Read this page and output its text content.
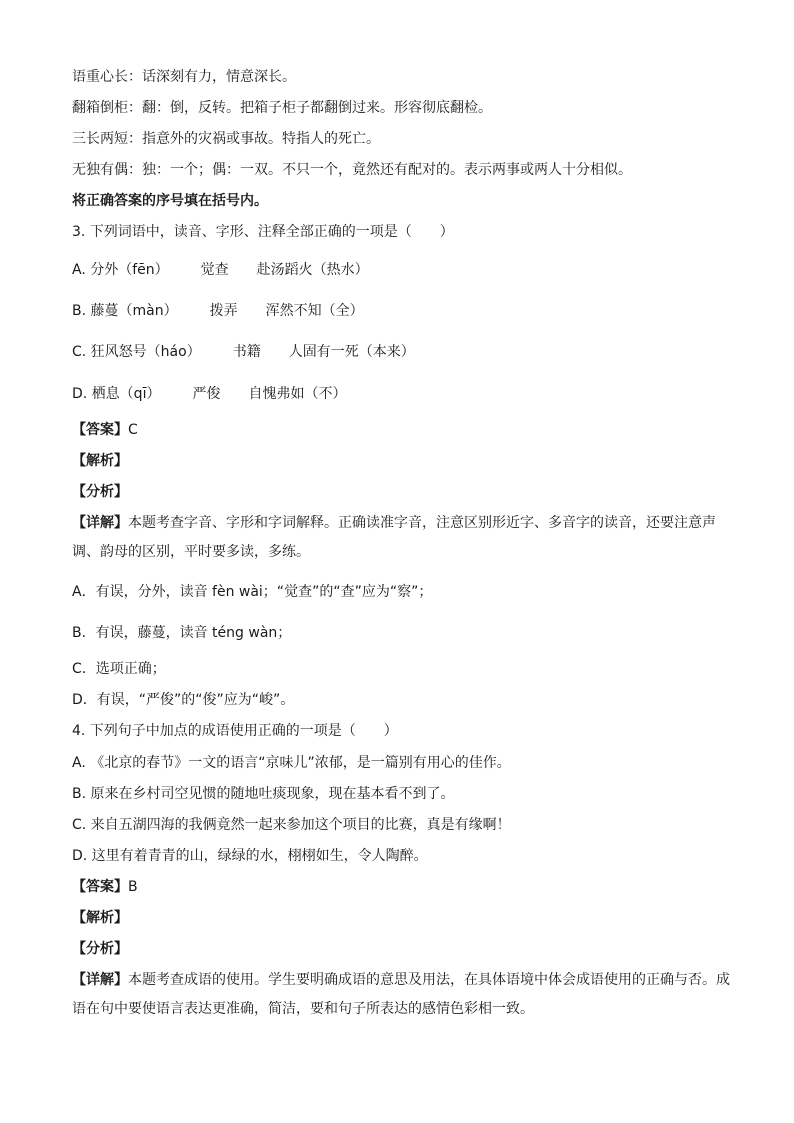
语重心长：话深刻有力，情意深长。
翻箱倒柜：翻：倒，反转。把箱子柜子都翻倒过来。形容彻底翻检。
三长两短：指意外的灾祸或事故。特指人的死亡。
无独有偶：独：一个；偶：一双。不只一个，竟然还有配对的。表示两事或两人十分相似。
将正确答案的序号填在括号内。
3. 下列词语中，读音、字形、注释全部正确的一项是（　　）
A. 分外（fēn） 觉查 赴汤蹈火（热水）
B. 藤蔓（màn） 拨弄 浑然不知（全）
C. 狂风怒号（háo） 书籍 人固有一死（本来）
D. 栖息（qī） 严俊 自愧弗如（不）
【答案】C
【解析】
【分析】
【详解】本题考查字音、字形和字词解释。正确读准字音，注意区别形近字、多音字的读音，还要注意声调、韵母的区别，平时要多读，多练。
A．有误，分外，读音 fèn wài；“觉查”的“查”应为“察”；
B．有误，藤蔓，读音 téng wàn；
C．选项正确；
D．有误，“严俊”的“俊”应为“峻”。
4. 下列句子中加点的成语使用正确的一项是（　　）
A. 《北京的春节》一文的语言“京味儿”浓郁，是一篇别有用心的佳作。
B. 原来在乡村司空见惯的随地吐痰现象，现在基本看不到了。
C. 来自五湖四海的我俩竟然一起来参加这个项目的比赛，真是有缘啊！
D. 这里有着青青的山，绿绿的水，栩栩如生，令人陶醉。
【答案】B
【解析】
【分析】
【详解】本题考查成语的使用。学生要明确成语的意思及用法，在具体语境中体会成语使用的正确与否。成语在句中要使语言表达更准确，简洁，要和句子所表达的感情色彩相一致。
